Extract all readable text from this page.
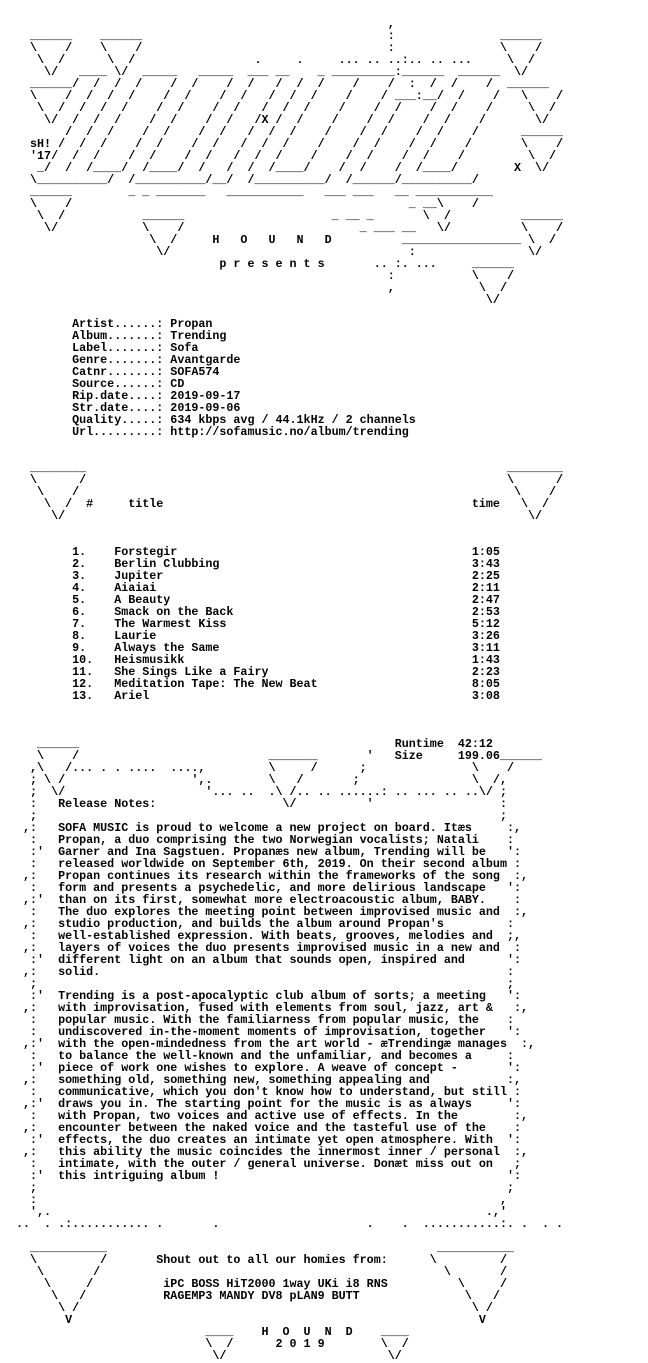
,
______    ______                                   :               ______
\    /    \    /                                   :               \    /
\  /      \  /                 .     .     ... .. ..:.. .. ...     \  /
\/   ____ \/  _____   _____  ___ __    _ _________:______  ______  \/
______/  /  /  /    /  /    /  /   /  /  /    /    /  :  /  /    /  ______
\    /  /  /  /    /  /    /  /   /  /  /    /    / ___:__/  /    /   \    /
\  /  /  /  /    /  /    /  /   /  /  /    /    /  /    /  /    /     \  /
\/  /  /  /    /  /    /  /   /X /  /    /    /  /    /  /    /       \/
/  /  /    /  /    /  /   /  /  /    /    /  /    /  /    /      ______
sH! /  /  /    /  /    /  /   /  /  /    /    /  /    /  /    /       \    /
'17/  /  /    /  /    /  /   /  /  /    /    /  /    /  /    /         \  /
_/  /  /____/  /____/  /   /  /  /____/    /  /    /  /____/        X  \/
\__________/  /__________/__/  /__________/  /______/__________/
______        _ _ _______   ___________   ___ ___   __ ___________
\    /                                                _ __\    /
\  /           ______                     _ __ _       \  /          ______
\/            \    /                         _ ___ __   \/          \    /
\  /     H   O   U   N   D          _________________ \  /
\/                                  :                \/
p r e s e n t s       .. :. ...     ______
:           \    /
,            \  /
\/

Artist......: Propan
Album.......: Trending
Label.......: Sofa
Genre.......: Avantgarde
Catnr.......: SOFA574
Source......: CD
Rip.date....: 2019-09-17
Str.date....: 2019-09-06
Quality.....: 634 kbps avg / 44.1kHz / 2 channels
Url.........: http://sofamusic.no/album/trending

________                                                            ________
\      /                                                            \      /
\    /                                                              \    /
\  /  #     title                                            time   \  /
\/                                                                  \/

1.    Forstegir                                          1:05
2.    Berlin Clubbing                                    3:43
3.    Jupiter                                            2:25
4.    Aiaiai                                             2:11
5.    A Beauty                                           2:47
6.    Smack on the Back                                  2:53
7.    The Warmest Kiss                                   5:12
8.    Laurie                                             3:26
9.    Always the Same                                    3:11
10.   Heismusikk                                         1:43
11.   She Sings Like a Fairy                             2:23
12.   Meditation Tape: The New Beat                      8:05
13.   Ariel                                              3:08

______                                             Runtime  42:12
\    /                           _______       '   Size     199.06______
,\   /... . . ....  ....,         \     /      ;               \    /
; \ /                  ',.        \   /       ;                \  /,
;  \/                    '... ..  .\ /.. .. ......: .. ... .. ..\/ ;
:   Release Notes:                  \/          '                  :
;                                                                  ;
,:   SOFA MUSIC is proud to welcome a new project on board. Itæs     :,
:   Propan, a duo comprising the two Norwegian vocalists; Natali    :
:'  Garner and Ina Sagstuen. Propanæs new album, Trending will be   ':
:   released worldwide on September 6th, 2019. On their second album :
,:   Propan continues its research within the frameworks of the song  :,
:   form and presents a psychedelic, and more delirious landscape   ':
,:'  than on its first, somewhat more electroacoustic album, BABY.    :
:   The duo explores the meeting point between improvised music and  :,
,:   studio production, and builds the album around Propan's         :
:   well-established expression. With beats, grooves, melodies and  ;,
,:   layers of voices the duo presents improvised music in a new and  :
:'  different light on an album that sounds open, inspired and      ':
,:   solid.                                                          :
;                                                                   ;
:'  Trending is a post-apocalyptic club album of sorts; a meeting   ':
,:   with improvisation, fused with elements from soul, jazz, art &   :,
:   popular music. With the familiarness from popular music, the    :
:   undiscovered in-the-moment moments of improvisation, together   ':
,:'  with the open-mindedness from the art world - æTrendingæ manages  :,
:   to balance the well-known and the unfamiliar, and becomes a     :
:'  piece of work one wishes to explore. A weave of concept -       ':
,:   something old, something new, something appealing and           :,
:   communicative, which you don't know how to understand, but still :
,:'  draws you in. The starting point for the music is as always     ':
:   with Propan, two voices and active use of effects. In the        :,
,:   encounter between the naked voice and the tasteful use of the    :
:'  effects, the duo creates an intimate yet open atmosphere. With  ':
,:   this ability the music coincides the innermost inner / personal  :,
:   intimate, with the outer / general universe. Donæt miss out on   ;
:'  this intriguing album !                                         ':
;                                                                   ;
:                                                                  ,
',.                                                              .,'
..  . .:........... .       .                     .    .  ...........:. .  . .

___________                                               ___________
\         /       Shout out to all our homies from:      \         /
\       /                                                 \       /
\     /          iPC BOSS HiT2000 1way UKi i8 RNS          \     /
\   /           RAGEMP3 MANDY DV8 pLAN9 BUTT               \   /
\ /                                                        \ /
V                                                          V
____    H  O  U  N  D    ____
\  /      2 0 1 9        \  /
\/                       \/
